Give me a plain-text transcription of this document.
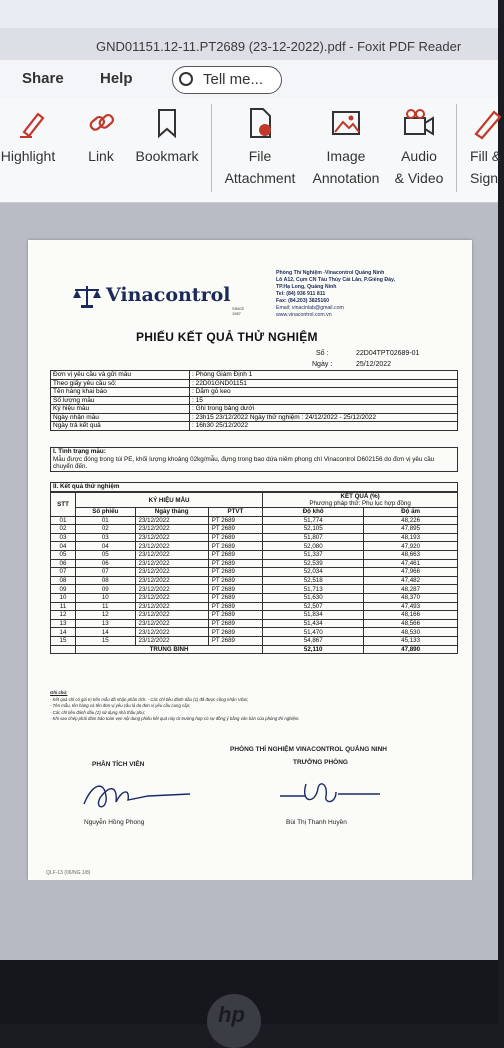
GND01151.12-11.PT2689 (23-12-2022).pdf - Foxit PDF Reader
Share Help	Tell me...
Highlight	Link	Bookmark	File
Attachment
Image
Annotation
Audio
& Video
Fill &
Sign
Vinacontrol
SINCE 1957
Phòng Thí Nghiệm -Vinacontrol Quảng Ninh
Lô A12, Cụm CN Tàu Thủy Cái Lân, P.Giếng Đáy,
TP.Hạ Long, Quảng Ninh
Tel: (84) 936 911 811
Fax: (84.203) 3825160
Email: vinacinlab@gmail.com
www.vinacontrol.com.vn
PHIẾU KẾT QUẢ THỬ NGHIỆM
Số :	22D04TPT02689-01
Ngày :	25/12/2022
Đơn vị yêu cầu và gửi mẫu	: Phòng Giám Định 1
Theo giấy yêu cầu số:	: 22D01GND01151
Tên hàng khai báo	: Dăm gỗ keo
Số lượng mẫu	: 15
Ký hiệu mẫu	: Ghi trong bảng dưới
Ngày nhận mẫu	: 23h15 23/12/2022 Ngày thử nghiệm : 24/12/2022 - 25/12/2022
Ngày trả kết quả	: 16h30 25/12/2022
I. Tình trạng mẫu:
Mẫu được đóng trong túi PE, khối lượng khoảng 02kg/mẫu, đựng trong bao dứa niêm phong chì Vinacontrol D602156 do đơn vị yêu cầu chuyển đến.
II. Kết quả thử nghiệm
STT	KÝ HIỆU MẪU			KẾT QUẢ (%)
Phương pháp thử: Phụ lục hợp đồng	

	Số phiếu	Ngày tháng	PTVT	Độ khô	Độ ẩm
01	01	23/12/2022	PT 2689	51,774	48,226
02	02	23/12/2022	PT 2689	52,105	47,895
03	03	23/12/2022	PT 2689	51,807	48,193
04	04	23/12/2022	PT 2689	52,080	47,920
05	05	23/12/2022	PT 2689	51,337	48,663
06	06	23/12/2022	PT 2689	52,539	47,461
07	07	23/12/2022	PT 2689	52,034	47,966
08	08	23/12/2022	PT 2689	52,518	47,482
09	09	23/12/2022	PT 2689	51,713	48,287
10	10	23/12/2022	PT 2689	51,630	48,370
11	11	23/12/2022	PT 2689	52,507	47,493
12	12	23/12/2022	PT 2689	51,834	48,166
13	13	23/12/2022	PT 2689	51,434	48,566
14	14	23/12/2022	PT 2689	51,470	48,530
15	15	23/12/2022	PT 2689	54,867	45,133
	TRUNG BÌNH			52,110	47,890
Ghi chú:
- Kết quả chỉ có giá trị trên mẫu đã nhận phân tích. - Các chỉ tiêu đánh dấu (1) đã được công nhận Vilas;
- Tên mẫu, tên hàng và tên đơn vị yêu cầu là do đơn vị yêu cầu cung cấp;
- Các chỉ tiêu đánh dấu (2) sử dụng nhà thầu phụ;
- Khi sao chép phải đảm bảo toàn vẹn nội dung phiếu kết quả này từ trường hợp có sự đồng ý bằng văn bản của phòng thí nghiệm.
PHÒNG THÍ NGHIỆM VINACONTROL QUẢNG NINH
PHÂN TÍCH VIÊN	TRƯỞNG PHÒNG
Nguyễn Hồng Phong	Bùi Thị Thanh Huyền
QLF-13 (06/NG 1/8)
hp
